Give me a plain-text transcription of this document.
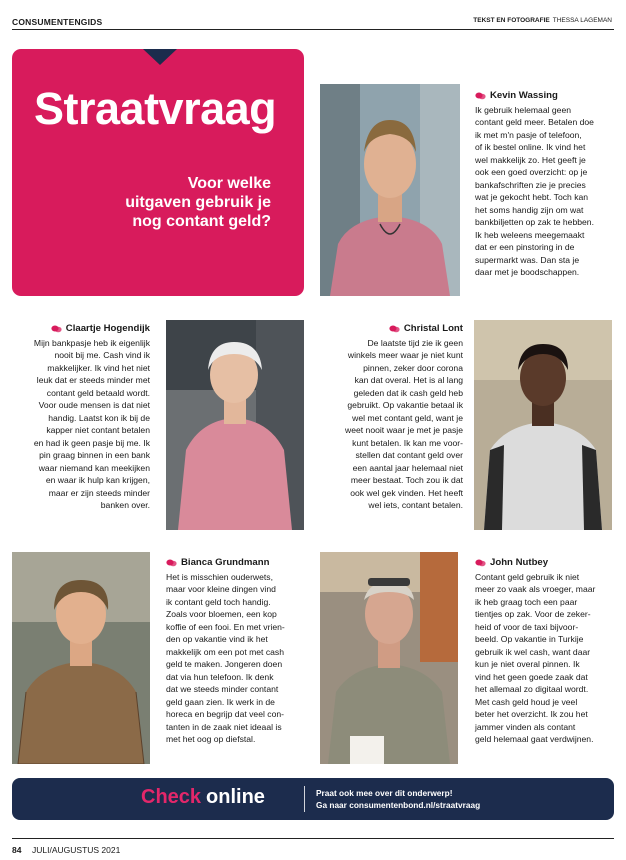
CONSUMENTENGIDS	TEKST EN FOTOGRAFIE THESSA LAGEMAN
Straatvraag
Voor welke
uitgaven gebruik je
nog contant geld?
Kevin Wassing
Ik gebruik helemaal geen
contant geld meer. Betalen doe
ik met m'n pasje of telefoon,
of ik bestel online. Ik vind het
wel makkelijk zo. Het geeft je
ook een goed overzicht: op je
bankafschriften zie je precies
wat je gekocht hebt. Toch kan
het soms handig zijn om wat
bankbiljetten op zak te hebben.
Ik heb weleens meegemaakt
dat er een pinstoring in de
supermarkt was. Dan sta je
daar met je boodschappen.
Claartje Hogendijk
Mijn bankpasje heb ik eigenlijk
nooit bij me. Cash vind ik
makkelijker. Ik vind het niet
leuk dat er steeds minder met
contant geld betaald wordt.
Voor oude mensen is dat niet
handig. Laatst kon ik bij de
kapper niet contant betalen
en had ik geen pasje bij me. Ik
pin graag binnen in een bank
waar niemand kan meekijken
en waar ik hulp kan krijgen,
maar er zijn steeds minder
banken over.
Christal Lont
De laatste tijd zie ik geen
winkels meer waar je niet kunt
pinnen, zeker door corona
kan dat overal. Het is al lang
geleden dat ik cash geld heb
gebruikt. Op vakantie betaal ik
wel met contant geld, want je
weet nooit waar je met je pasje
kunt betalen. Ik kan me voor-
stellen dat contant geld over
een aantal jaar helemaal niet
meer bestaat. Toch zou ik dat
ook wel gek vinden. Het heeft
wel iets, contant betalen.
Bianca Grundmann
Het is misschien ouderwets,
maar voor kleine dingen vind
ik contant geld toch handig.
Zoals voor bloemen, een kop
koffie of een fooi. En met vrien-
den op vakantie vind ik het
makkelijk om een pot met cash
geld te maken. Jongeren doen
dat via hun telefoon. Ik denk
dat we steeds minder contant
geld gaan zien. Ik werk in de
horeca en begrijp dat veel con-
tanten in de zaak niet ideaal is
met het oog op diefstal.
John Nutbey
Contant geld gebruik ik niet
meer zo vaak als vroeger, maar
ik heb graag toch een paar
tientjes op zak. Voor de zeker-
heid of voor de taxi bijvoor-
beeld. Op vakantie in Turkije
gebruik ik wel cash, want daar
kun je niet overal pinnen. Ik
vind het geen goede zaak dat
het allemaal zo digitaal wordt.
Met cash geld houd je veel
beter het overzicht. Ik zou het
jammer vinden als contant
geld helemaal gaat verdwijnen.
Check online	Praat ook mee over dit onderwerp!
Ga naar consumentenbond.nl/straatvraag
84 JULI/AUGUSTUS 2021
